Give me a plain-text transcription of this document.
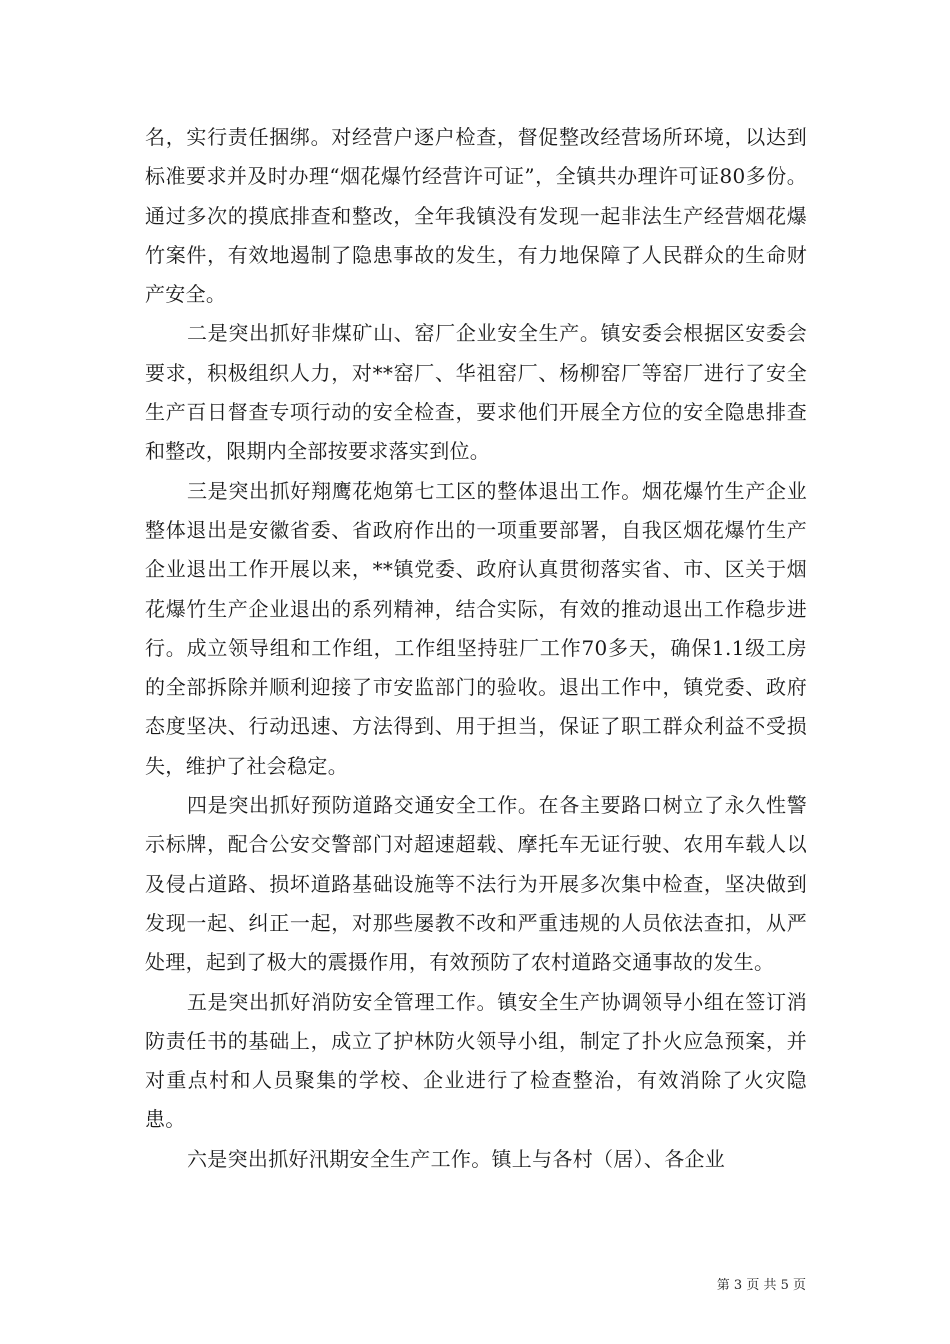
名，实行责任捆绑。对经营户逐户检查，督促整改经营场所环境，以达到标准要求并及时办理“烟花爆竹经营许可证”，全镇共办理许可证80多份。通过多次的摸底排查和整改，全年我镇没有发现一起非法生产经营烟花爆竹案件，有效地遏制了隐患事故的发生，有力地保障了人民群众的生命财产安全。

二是突出抓好非煤矿山、窑厂企业安全生产。镇安委会根据区安委会要求，积极组织人力，对**窑厂、华祖窑厂、杨柳窑厂等窑厂进行了安全生产百日督查专项行动的安全检查，要求他们开展全方位的安全隐患排查和整改，限期内全部按要求落实到位。

三是突出抓好翔鹰花炮第七工区的整体退出工作。烟花爆竹生产企业整体退出是安徽省委、省政府作出的一项重要部署，自我区烟花爆竹生产企业退出工作开展以来，**镇党委、政府认真贯彻落实省、市、区关于烟花爆竹生产企业退出的系列精神，结合实际，有效的推动退出工作稳步进行。成立领导组和工作组，工作组坚持驻厂工作70多天，确保1.1级工房的全部拆除并顺利迎接了市安监部门的验收。退出工作中，镇党委、政府态度坚决、行动迅速、方法得到、用于担当，保证了职工群众利益不受损失，维护了社会稳定。

四是突出抓好预防道路交通安全工作。在各主要路口树立了永久性警示标牌，配合公安交警部门对超速超载、摩托车无证行驶、农用车载人以及侵占道路、损坏道路基础设施等不法行为开展多次集中检查，坚决做到发现一起、纠正一起，对那些屡教不改和严重违规的人员依法查扣，从严处理，起到了极大的震摄作用，有效预防了农村道路交通事故的发生。

五是突出抓好消防安全管理工作。镇安全生产协调领导小组在签订消防责任书的基础上，成立了护林防火领导小组，制定了扑火应急预案，并对重点村和人员聚集的学校、企业进行了检查整治，有效消除了火灾隐患。

六是突出抓好汛期安全生产工作。镇上与各村（居）、各企业

第 3 页 共 5 页
